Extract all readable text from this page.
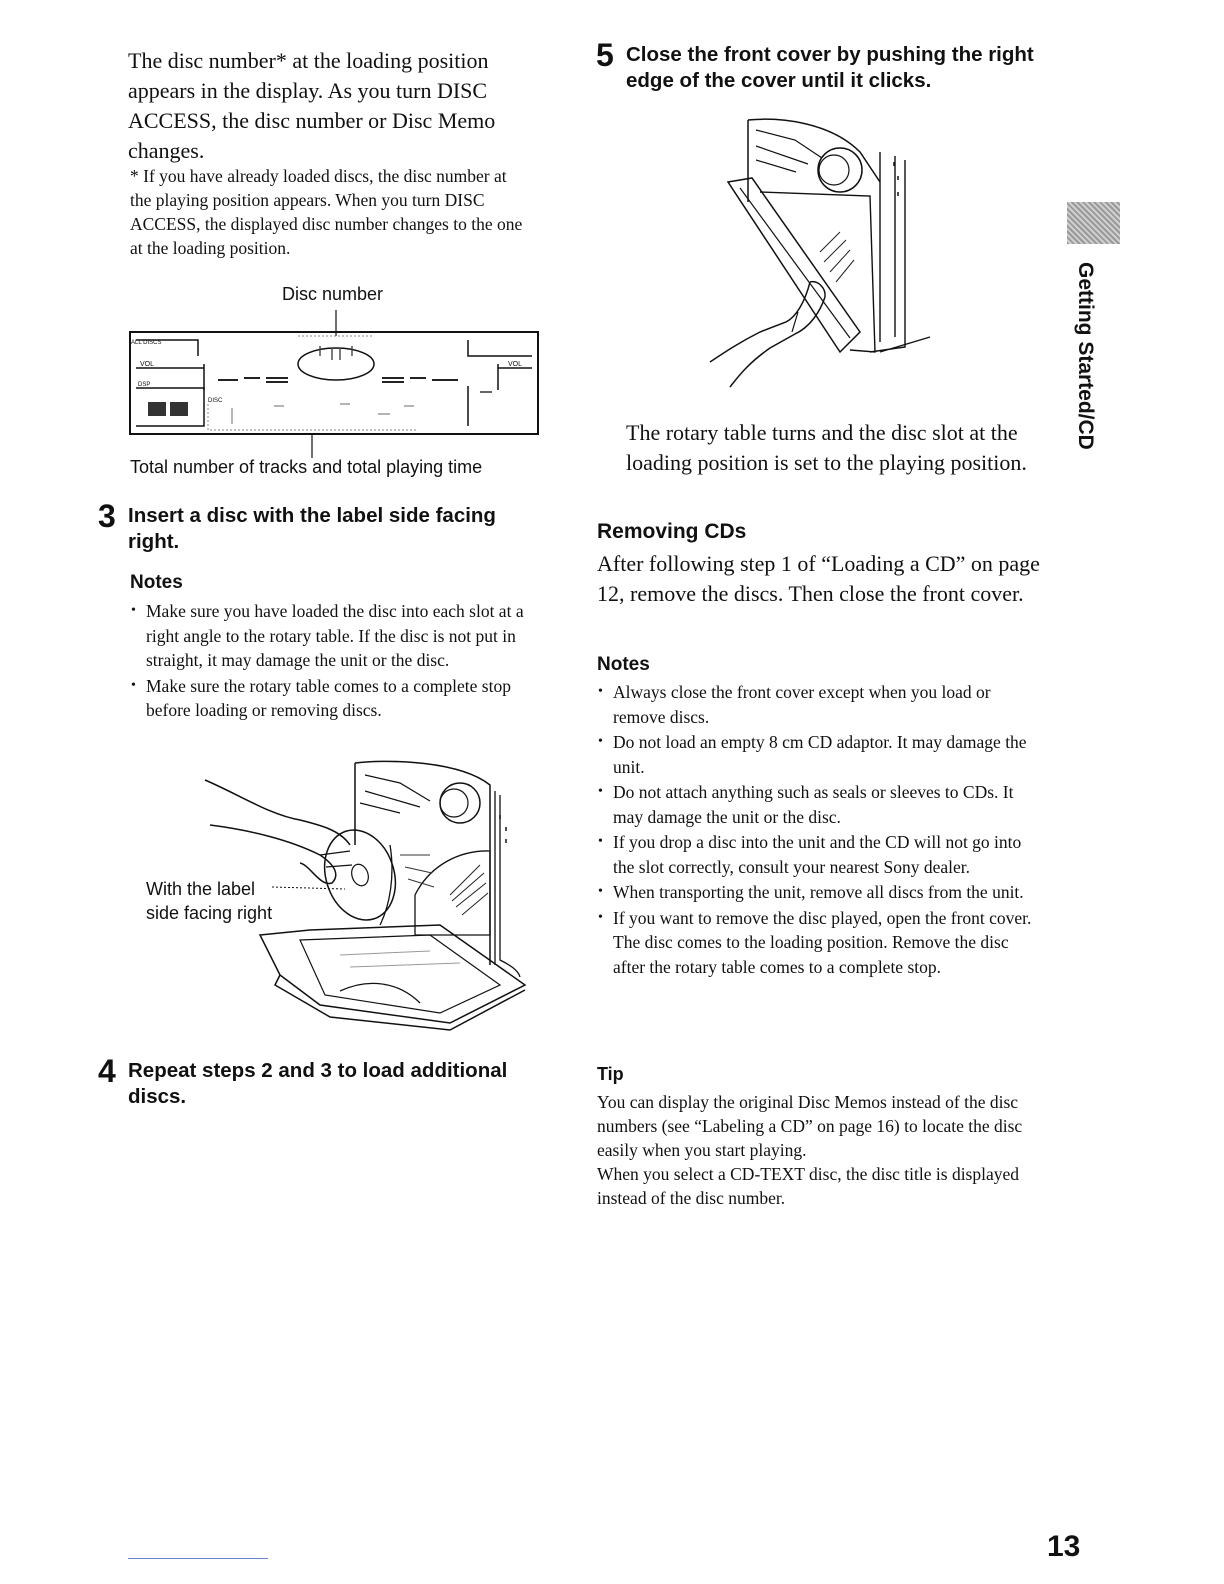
The disc number* at the loading position appears in the display. As you turn DISC ACCESS, the disc number or Disc Memo changes.
* If you have already loaded discs, the disc number at the playing position appears. When you turn DISC ACCESS, the displayed disc number changes to the one at the loading position.
Disc number
ALL DISCS
VOL	VOL
DSP
DISC
Total number of tracks and total playing time
3 Insert a disc with the label side facing right.
Notes
• Make sure you have loaded the disc into each slot at a right angle to the rotary table. If the disc is not put in straight, it may damage the unit or the disc.
• Make sure the rotary table comes to a complete stop before loading or removing discs.
With the label side facing right
4 Repeat steps 2 and 3 to load additional discs.
5 Close the front cover by pushing the right edge of the cover until it clicks.
The rotary table turns and the disc slot at the loading position is set to the playing position.
Removing CDs
After following step 1 of “Loading a CD” on page 12, remove the discs. Then close the front cover.
Notes
• Always close the front cover except when you load or remove discs.
• Do not load an empty 8 cm CD adaptor. It may damage the unit.
• Do not attach anything such as seals or sleeves to CDs. It may damage the unit or the disc.
• If you drop a disc into the unit and the CD will not go into the slot correctly, consult your nearest Sony dealer.
• When transporting the unit, remove all discs from the unit.
• If you want to remove the disc played, open the front cover. The disc comes to the loading position. Remove the disc after the rotary table comes to a complete stop.
Tip
You can display the original Disc Memos instead of the disc numbers (see “Labeling a CD” on page 16) to locate the disc easily when you start playing.
When you select a CD-TEXT disc, the disc title is displayed instead of the disc number.
Getting Started/CD
13
